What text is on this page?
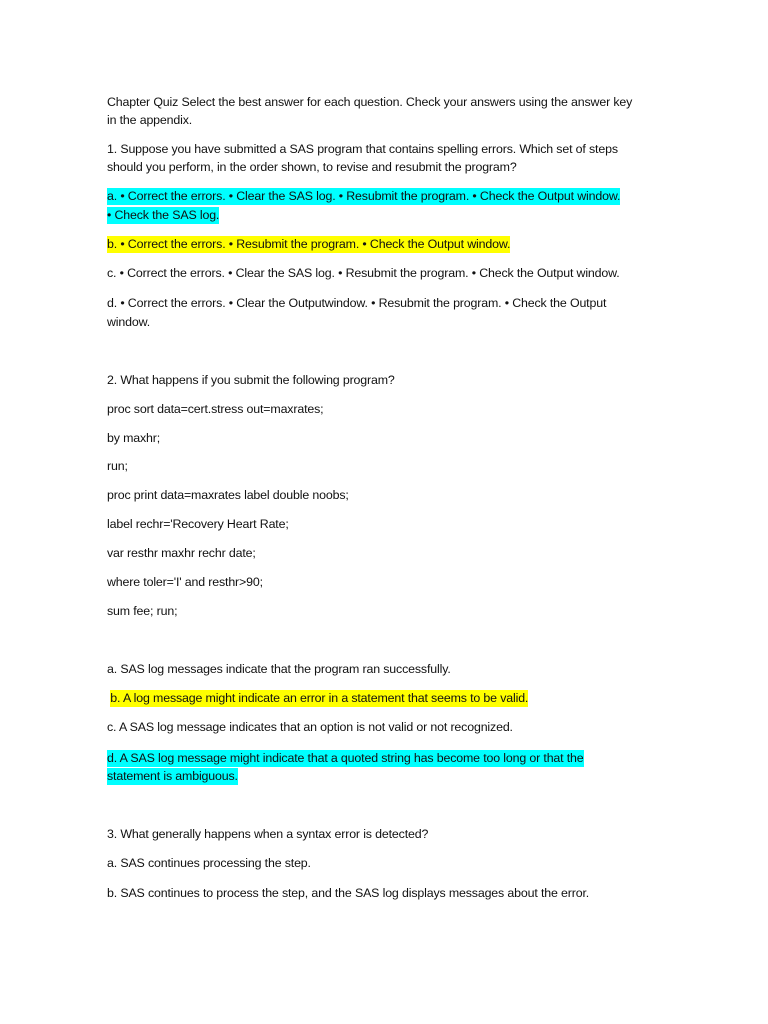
Chapter Quiz Select the best answer for each question. Check your answers using the answer key
in the appendix.
1. Suppose you have submitted a SAS program that contains spelling errors. Which set of steps
should you perform, in the order shown, to revise and resubmit the program?
a. • Correct the errors. • Clear the SAS log. • Resubmit the program. • Check the Output window.
• Check the SAS log.
b. • Correct the errors. • Resubmit the program. • Check the Output window.
c. • Correct the errors. • Clear the SAS log. • Resubmit the program. • Check the Output window.
d. • Correct the errors. • Clear the Outputwindow. • Resubmit the program. • Check the Output
window.
2. What happens if you submit the following program?
proc sort data=cert.stress out=maxrates;
by maxhr;
run;
proc print data=maxrates label double noobs;
label rechr='Recovery Heart Rate;
var resthr maxhr rechr date;
where toler='I' and resthr>90;
sum fee; run;
a. SAS log messages indicate that the program ran successfully.
b. A log message might indicate an error in a statement that seems to be valid.
c. A SAS log message indicates that an option is not valid or not recognized.
d. A SAS log message might indicate that a quoted string has become too long or that the
statement is ambiguous.
3. What generally happens when a syntax error is detected?
a. SAS continues processing the step.
b. SAS continues to process the step, and the SAS log displays messages about the error.
